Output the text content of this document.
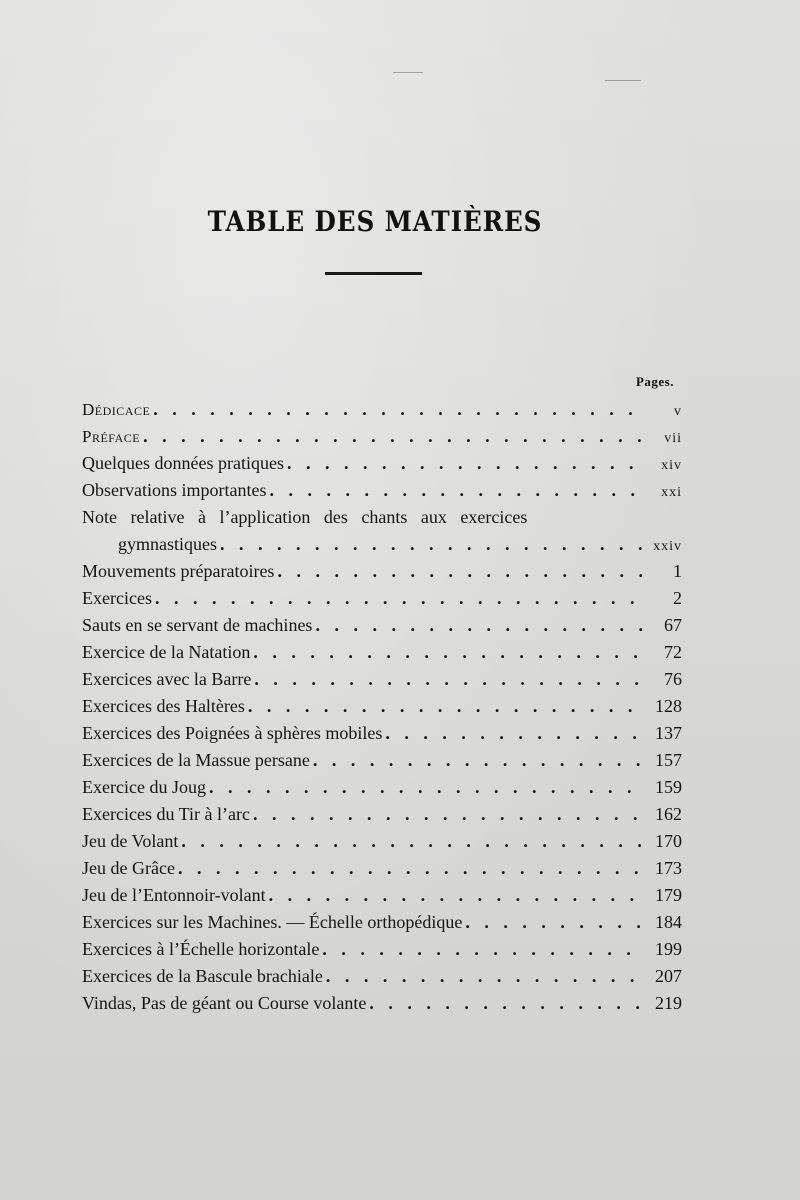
TABLE DES MATIÈRES
Pages.
Dédicace . . .	v
Préface . . .	vii
Quelques données pratiques . . .	xiv
Observations importantes . . .	xxi
Note relative à l’application des chants aux exercices
gymnastiques . . .	xxiv
Mouvements préparatoires . . .	1
Exercices . . .	2
Sauts en se servant de machines . . .	67
Exercice de la Natation . . .	72
Exercices avec la Barre . . .	76
Exercices des Haltères . . .	128
Exercices des Poignées à sphères mobiles . . .	137
Exercices de la Massue persane . . .	157
Exercice du Joug . . .	159
Exercices du Tir à l’arc . . .	162
Jeu de Volant . . .	170
Jeu de Grâce . . .	173
Jeu de l’Entonnoir-volant . . .	179
Exercices sur les Machines. — Échelle orthopédique . . .	184
Exercices à l’Échelle horizontale . . .	199
Exercices de la Bascule brachiale . . .	207
Vindas, Pas de géant ou Course volante . . .	219
